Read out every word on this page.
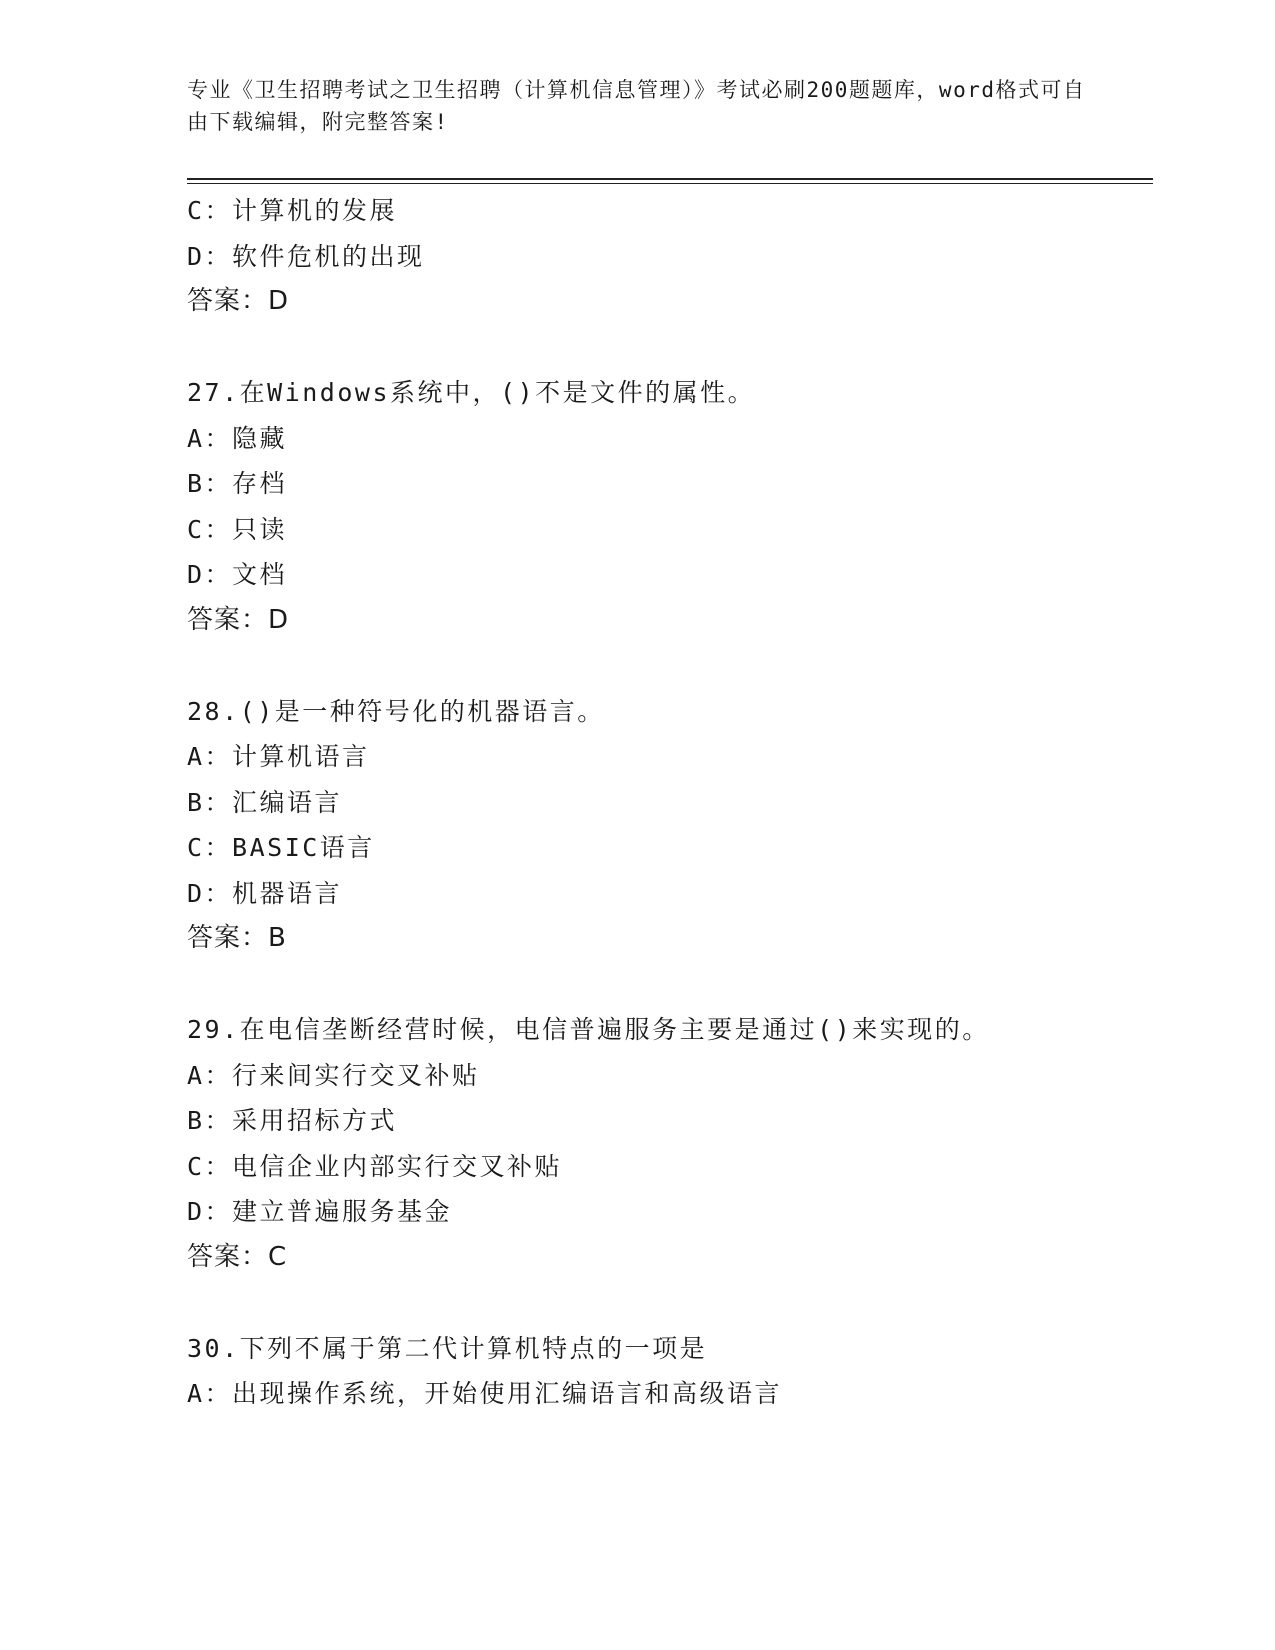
专业《卫生招聘考试之卫生招聘（计算机信息管理）》考试必刷200题题库，word格式可自由下载编辑，附完整答案!
C：计算机的发展
D：软件危机的出现
答案：D
27.在Windows系统中，()不是文件的属性。
A：隐藏
B：存档
C：只读
D：文档
答案：D
28.()是一种符号化的机器语言。
A：计算机语言
B：汇编语言
C：BASIC语言
D：机器语言
答案：B
29.在电信垄断经营时候，电信普遍服务主要是通过()来实现的。
A：行来间实行交叉补贴
B：采用招标方式
C：电信企业内部实行交叉补贴
D：建立普遍服务基金
答案：C
30.下列不属于第二代计算机特点的一项是
A：出现操作系统，开始使用汇编语言和高级语言
